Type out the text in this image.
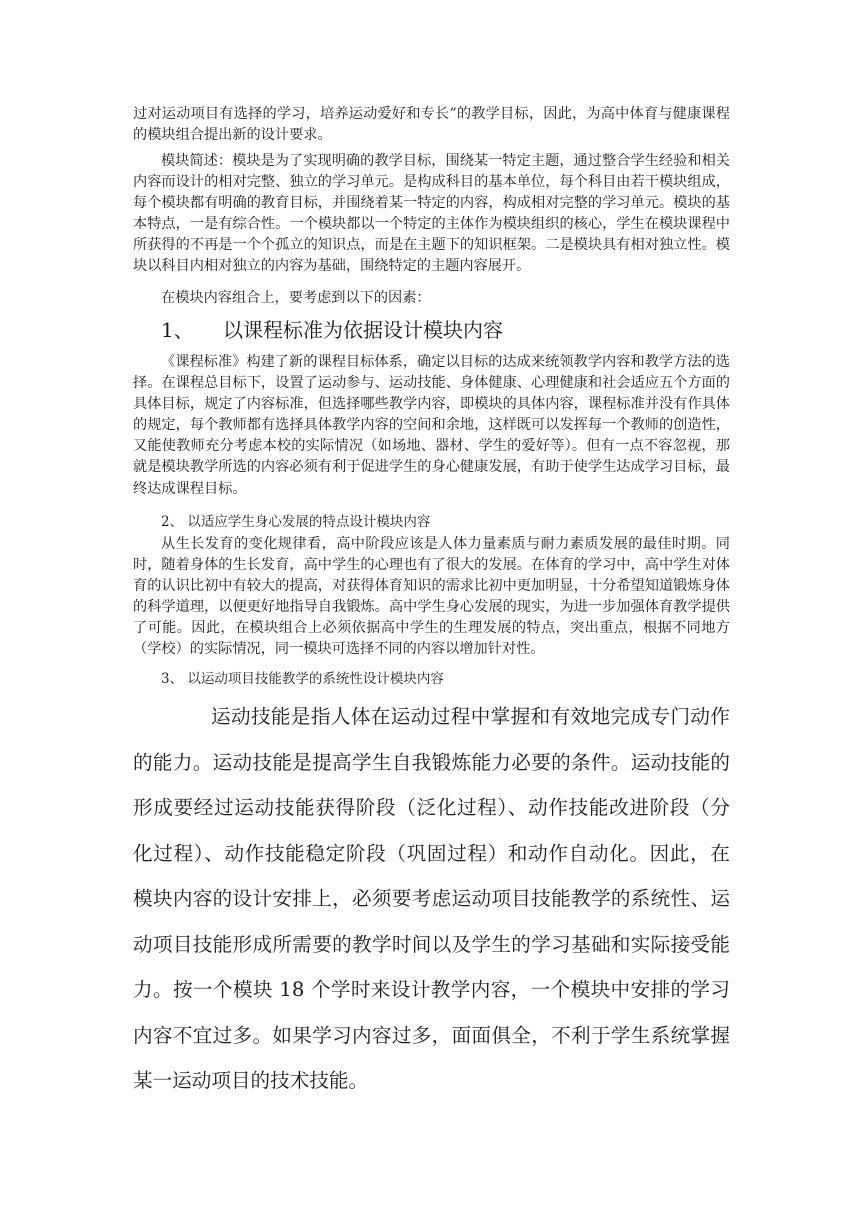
过对运动项目有选择的学习，培养运动爱好和专长”的教学目标，因此，为高中体育与健康课程的模块组合提出新的设计要求。

模块简述：模块是为了实现明确的教学目标，围绕某一特定主题，通过整合学生经验和相关内容而设计的相对完整、独立的学习单元。是构成科目的基本单位，每个科目由若干模块组成，每个模块都有明确的教育目标，并围绕着某一特定的内容，构成相对完整的学习单元。模块的基本特点，一是有综合性。一个模块都以一个特定的主体作为模块组织的核心，学生在模块课程中所获得的不再是一个个孤立的知识点，而是在主题下的知识框架。二是模块具有相对独立性。模块以科目内相对独立的内容为基础，围绕特定的主题内容展开。

在模块内容组合上，要考虑到以下的因素：

1、 以课程标准为依据设计模块内容

《课程标准》构建了新的课程目标体系，确定以目标的达成来统领教学内容和教学方法的选择。在课程总目标下，设置了运动参与、运动技能、身体健康、心理健康和社会适应五个方面的具体目标，规定了内容标准，但选择哪些教学内容，即模块的具体内容，课程标准并没有作具体的规定，每个教师都有选择具体教学内容的空间和余地，这样既可以发挥每一个教师的创造性，又能使教师充分考虑本校的实际情况（如场地、器材、学生的爱好等）。但有一点不容忽视，那就是模块教学所选的内容必须有利于促进学生的身心健康发展，有助于使学生达成学习目标，最终达成课程目标。

2、 以适应学生身心发展的特点设计模块内容

从生长发育的变化规律看，高中阶段应该是人体力量素质与耐力素质发展的最佳时期。同时，随着身体的生长发育，高中学生的心理也有了很大的发展。在体育的学习中，高中学生对体育的认识比初中有较大的提高，对获得体育知识的需求比初中更加明显，十分希望知道锻炼身体的科学道理，以便更好地指导自我锻炼。高中学生身心发展的现实，为进一步加强体育教学提供了可能。因此，在模块组合上必须依据高中学生的生理发展的特点，突出重点，根据不同地方（学校）的实际情况，同一模块可选择不同的内容以增加针对性。

3、 以运动项目技能教学的系统性设计模块内容

运动技能是指人体在运动过程中掌握和有效地完成专门动作的能力。运动技能是提高学生自我锻炼能力必要的条件。运动技能的形成要经过运动技能获得阶段（泛化过程）、动作技能改进阶段（分化过程）、动作技能稳定阶段（巩固过程）和动作自动化。因此，在模块内容的设计安排上，必须要考虑运动项目技能教学的系统性、运动项目技能形成所需要的教学时间以及学生的学习基础和实际接受能力。按一个模块 18 个学时来设计教学内容，一个模块中安排的学习内容不宜过多。如果学习内容过多，面面俱全，不利于学生系统掌握某一运动项目的技术技能。
